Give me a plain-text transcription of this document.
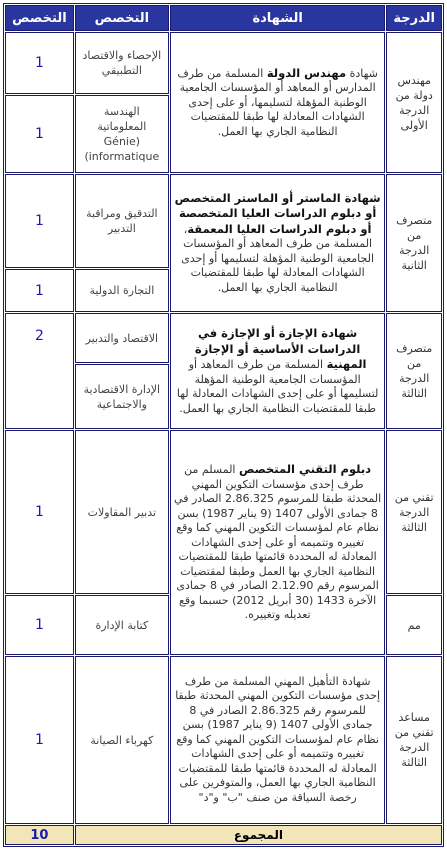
الدرجة	الشهادة	التخصص	التخصص
مهندس دولة من الدرجة الأولى	شهادة مهندس الدولة المسلمة من طرف المدارس أو المعاهد أو المؤسسات الجامعية الوطنية المؤهلة لتسليمها، أو على إحدى الشهادات المعادلة لها طبقا للمقتضيات النظامية الجاري بها العمل.	الإحصاء والاقتصاد التطبيقي	1
		الهندسة المعلوماتية Génie) (informatique	1
متصرف من الدرجة الثانية	شهادة الماستر أو الماستر المتخصص أو دبلوم الدراسات العليا المتخصصة أو دبلوم الدراسات العليا المعمقة، المسلمة من طرف المعاهد أو المؤسسات الجامعية الوطنية المؤهلة لتسليمها أو إحدى الشهادات المعادلة لها طبقا للمقتضيات النظامية الجاري بها العمل.	التدقيق ومراقبة التدبير	1
		التجارة الدولية	1
متصرف من الدرجة الثالثة	شهادة الإجازة أو الإجازة في الدراسات الأساسية أو الإجازة المهنية المسلمة من طرف المعاهد أو المؤسسات الجامعية الوطنية المؤهلة لتسليمها أو على إحدى الشهادات المعادلة لها طبقا للمقتضيات النظامية الجاري بها العمل.	الاقتصاد والتدبير	2
		الإدارة الاقتصادية والاجتماعية	
تقني من الدرجة الثالثة	دبلوم التقني المتخصص المسلم من طرف إحدى مؤسسات التكوين المهني المحدثة طبقا للمرسوم 2.86.325 الصادر في 8 جمادى الأولى 1407 (9 يناير 1987) بسن نظام عام لمؤسسات التكوين المهني كما وقع تغييره وتتميمه أو على إحدى الشهادات المعادلة له المحددة قائمتها طبقا للمقتضيات النظامية الجاري بها العمل وطبقا لمقتضيات المرسوم رقم 2.12.90 الصادر في 8 جمادى الآخرة 1433 (30 أبريل 2012) حسبما وقع تعديله وتغييره.	تدبير المقاولات	1
مم		كتابة الإدارة	1
مساعد تقني من الدرجة الثالثة	شهادة التأهيل المهني المسلمة من طرف إحدى مؤسسات التكوين المهني المحدثة طبقا للمرسوم رقم 2.86.325 الصادر في 8 جمادى الأولى 1407 (9 يناير 1987) بسن نظام عام لمؤسسات التكوين المهني كما وقع تغييره وتتميمه أو على إحدى الشهادات المعادلة له المحددة قائمتها طبقا للمقتضيات النظامية الجاري بها العمل، والمتوفرين على رخصة السياقة من صنف "ب" و"د"	كهرباء الصيانة	1
المجموع			10
